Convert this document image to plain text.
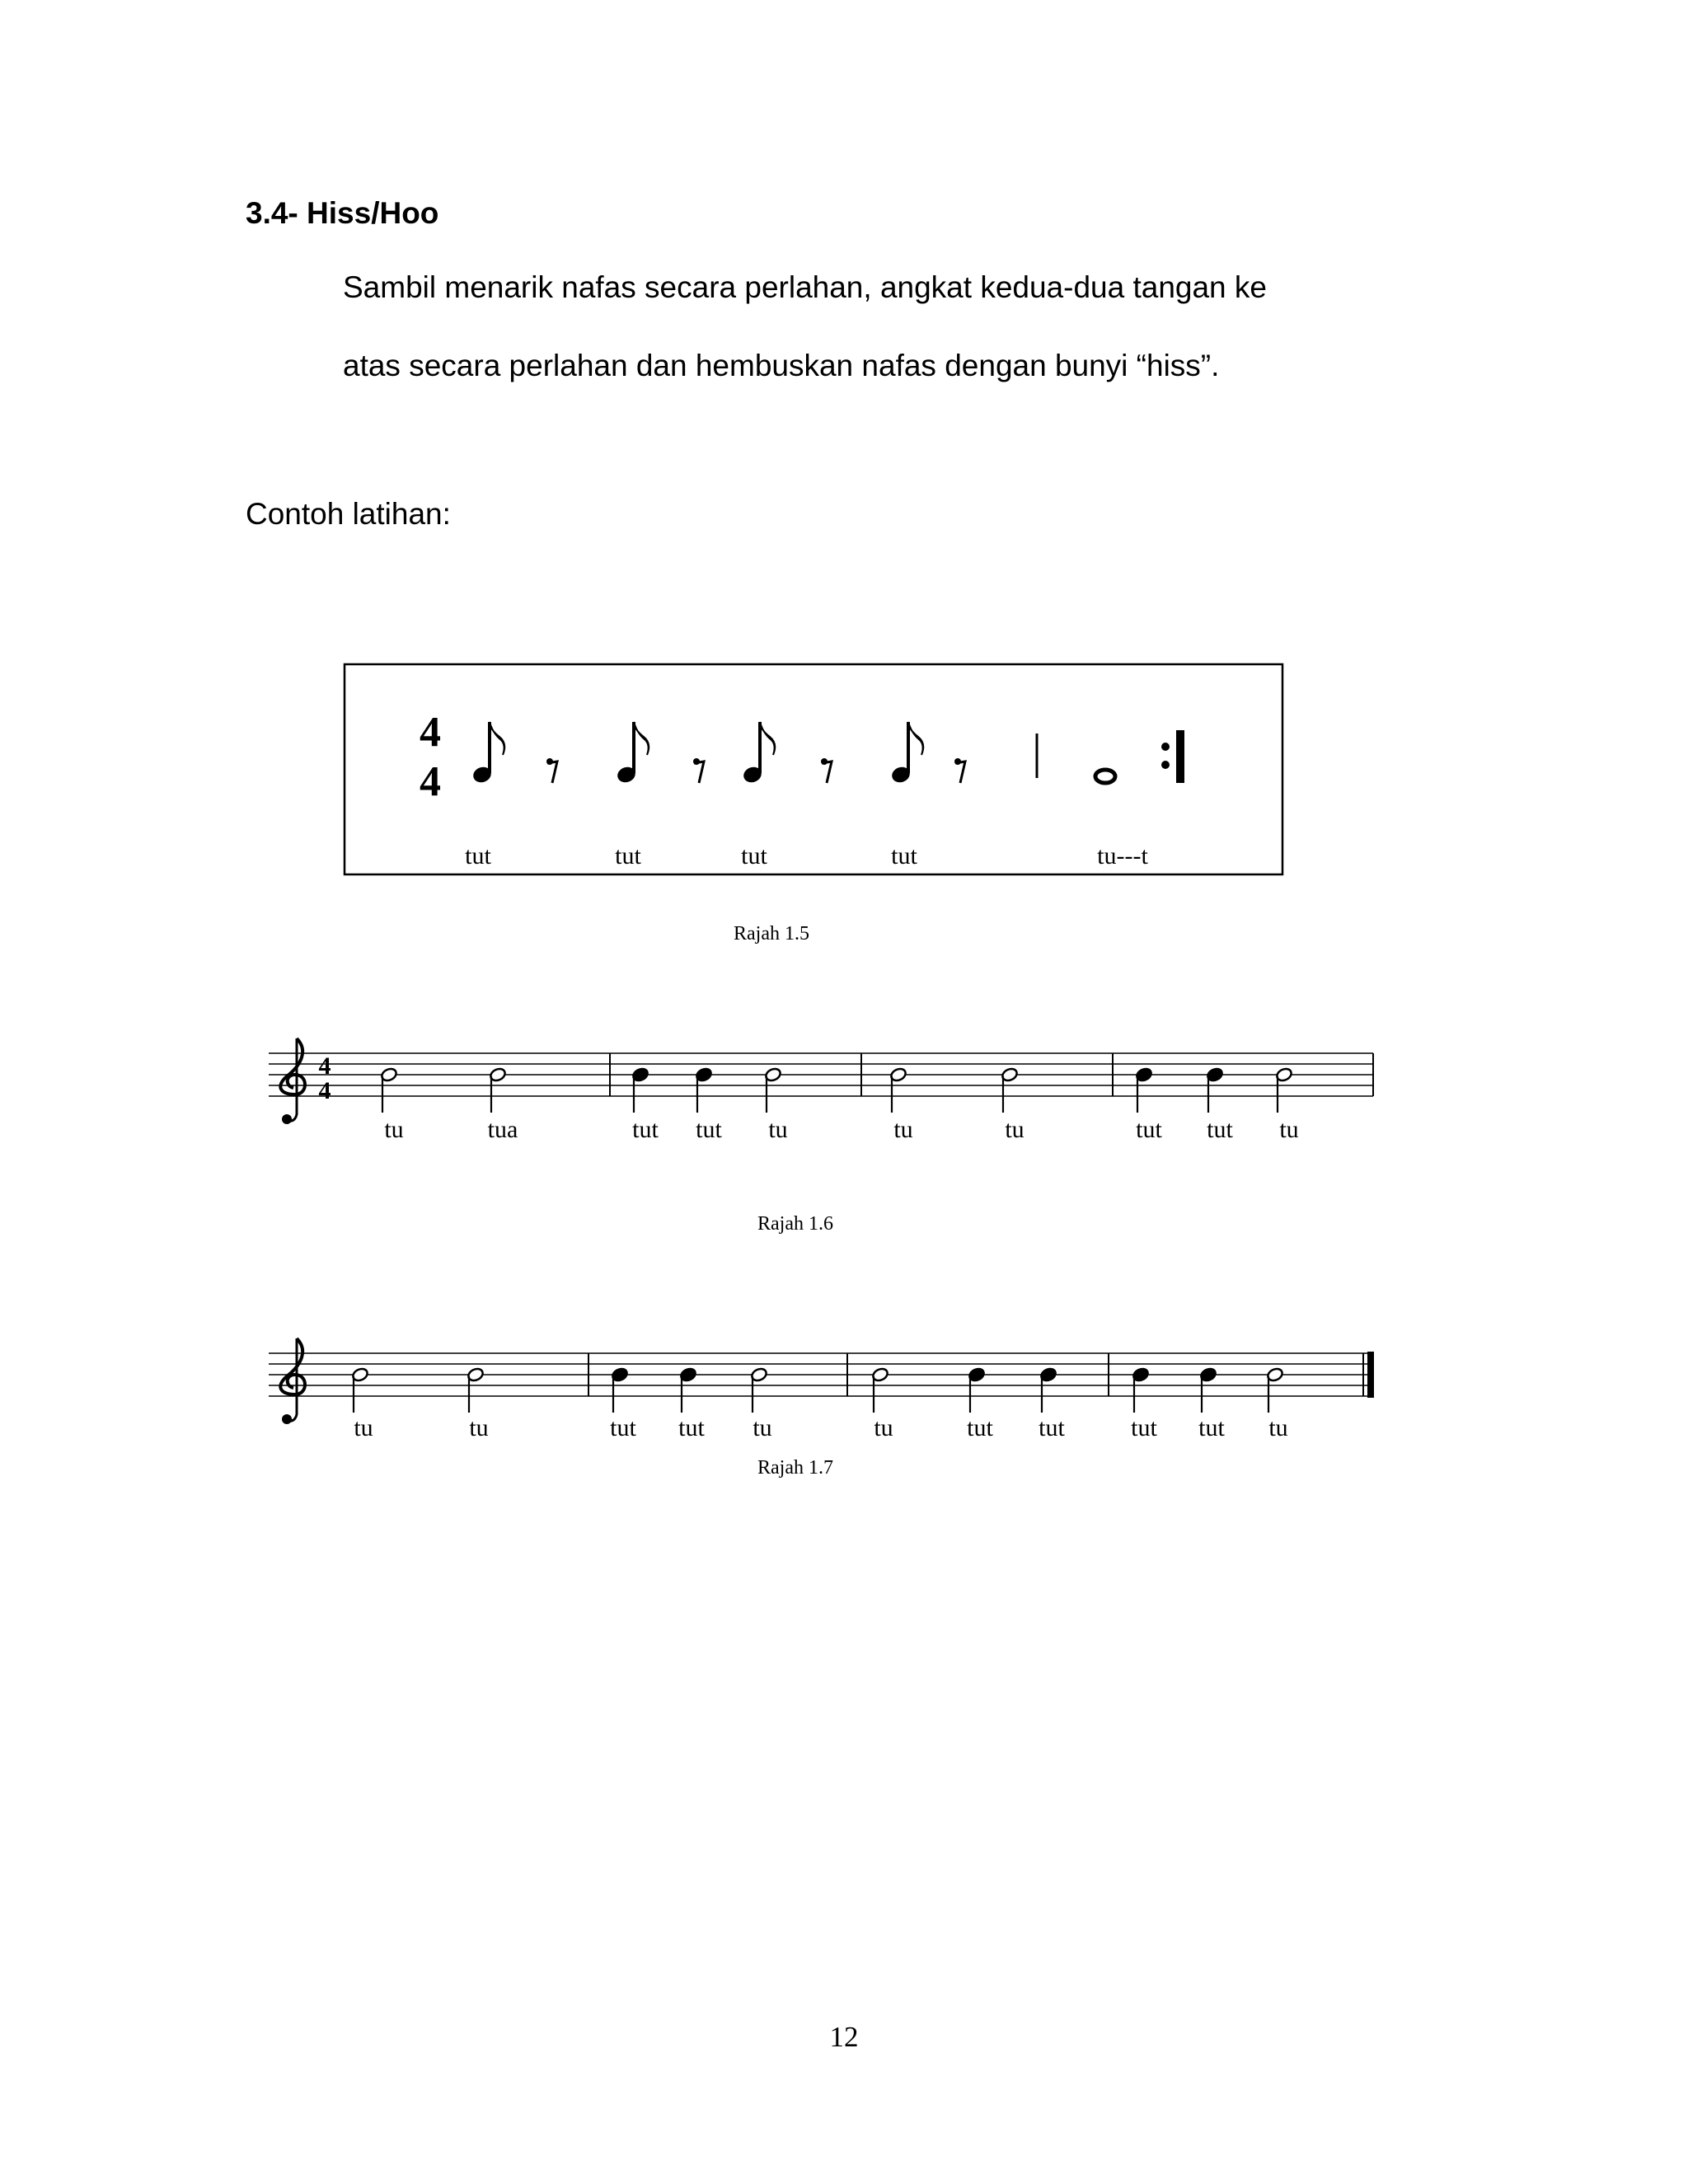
3.4- Hiss/Hoo
Sambil menarik nafas secara perlahan, angkat kedua-dua tangan ke
atas secara perlahan dan hembuskan nafas dengan bunyi “hiss”.
Contoh latihan:
4
4
tut	tut	tut	tut	tu---t
Rajah 1.5
4
4
tu	tua	tut tut tu	tu	tu	tut tut tu
Rajah 1.6
tu	tu	tut tut tu	tu	tut tut	tut tut tu
Rajah 1.7
12
